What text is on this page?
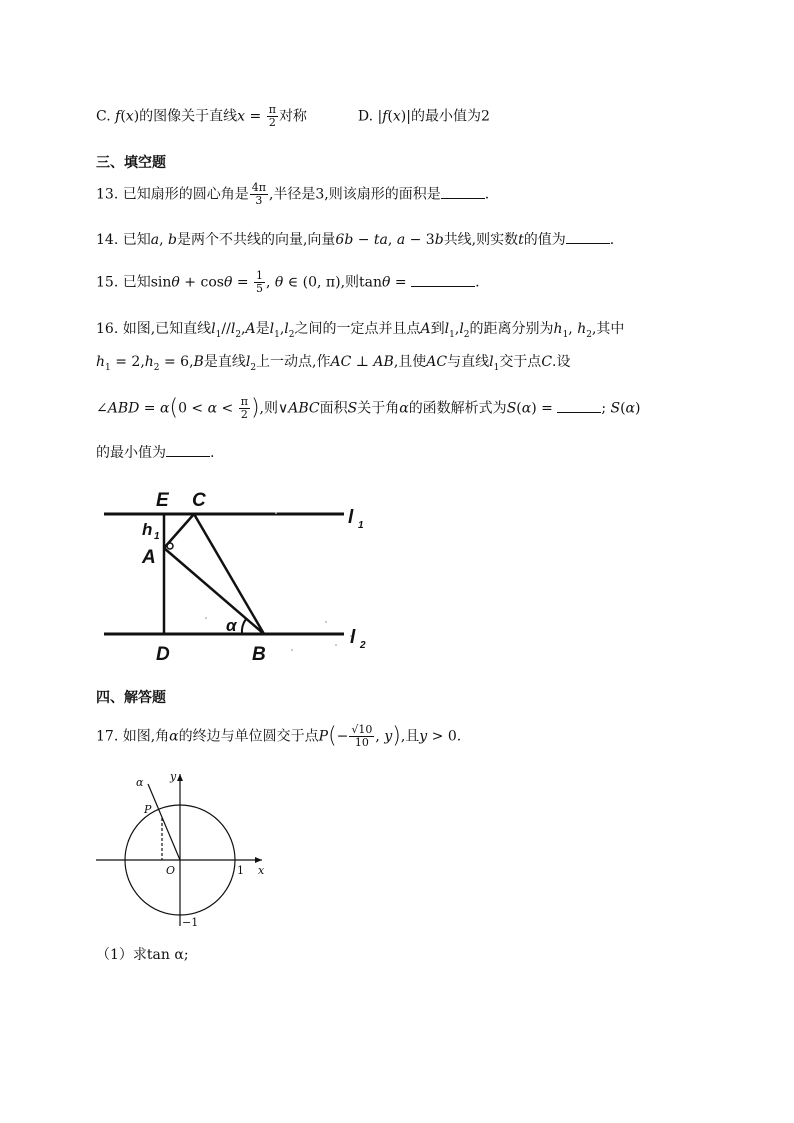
C. f(x)的图像关于直线$x = \frac{\pi}{2}$ 对称	D. |f(x)|的最小值为2
三、填空题
13. 已知扇形的圆心角是 $\frac{4\pi}{3}$ ,半径是3,则该扇形的面积是	.
14. 已知a, b是两个不共线的向量,向量6b − ta, a − 3b共线,则实数t的值为	.
15. 已知$\sin\theta + \cos\theta = \frac{1}{5}$ , θ ∈ (0, π),则tanθ =	.
16. 如图,已知直线$l_1//l_2,A$是$l_1,l_2$之间的一定点并且点A到$l_1,l_2$的距离分别为$h_1$, $h_2$,其中
$h_1 = 2,h_2 = 6,B$是直线$l_2$上一动点,作AC ⊥ AB,且使AC与直线$l_1$交于点C.设
∠ABD = $\alpha(0 < \alpha < \frac{\pi}{2}$ ),则∨ABC面积S关于角α的函数解析式为S(α) =	; S(α)
的最小值为	.
E C
A
D	B
h 1
α
l 1
l 2
四、解答题
17. 如图,角α的终边与单位圆交于点$P(- \frac{√10}{10}$ , y),且y > 0.
α
P
O	x
y
1
−1
（1）求tan α;
